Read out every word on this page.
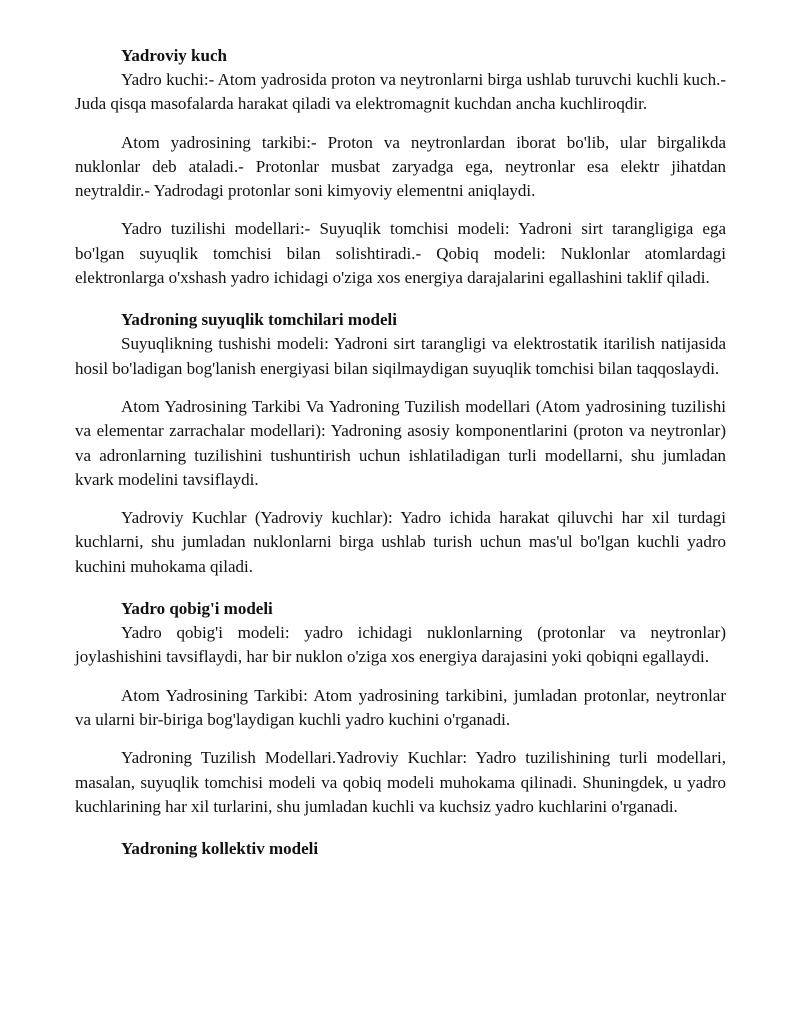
Yadroviy kuch

Yadro kuchi:- Atom yadrosida proton va neytronlarni birga ushlab turuvchi kuchli kuch.- Juda qisqa masofalarda harakat qiladi va elektromagnit kuchdan ancha kuchliroqdir.

Atom yadrosining tarkibi:- Proton va neytronlardan iborat bo'lib, ular birgalikda nuklonlar deb ataladi.- Protonlar musbat zaryadga ega, neytronlar esa elektr jihatdan neytraldir.- Yadrodagi protonlar soni kimyoviy elementni aniqlaydi.

Yadro tuzilishi modellari:- Suyuqlik tomchisi modeli: Yadroni sirt tarangligiga ega bo'lgan suyuqlik tomchisi bilan solishtiradi.- Qobiq modeli: Nuklonlar atomlardagi elektronlarga o'xshash yadro ichidagi o'ziga xos energiya darajalarini egallashini taklif qiladi.

Yadroning suyuqlik tomchilari modeli

Suyuqlikning tushishi modeli: Yadroni sirt tarangligi va elektrostatik itarilish natijasida hosil bo'ladigan bog'lanish energiyasi bilan siqilmaydigan suyuqlik tomchisi bilan taqqoslaydi.

Atom Yadrosining Tarkibi Va Yadroning Tuzilish modellari (Atom yadrosining tuzilishi va elementar zarrachalar modellari): Yadroning asosiy komponentlarini (proton va neytronlar) va adronlarning tuzilishini tushuntirish uchun ishlatiladigan turli modellarni, shu jumladan kvark modelini tavsiflaydi.

Yadroviy Kuchlar (Yadroviy kuchlar): Yadro ichida harakat qiluvchi har xil turdagi kuchlarni, shu jumladan nuklonlarni birga ushlab turish uchun mas'ul bo'lgan kuchli yadro kuchini muhokama qiladi.

Yadro qobig'i modeli

Yadro qobig'i modeli: yadro ichidagi nuklonlarning (protonlar va neytronlar) joylashishini tavsiflaydi, har bir nuklon o'ziga xos energiya darajasini yoki qobiqni egallaydi.

Atom Yadrosining Tarkibi: Atom yadrosining tarkibini, jumladan protonlar, neytronlar va ularni bir-biriga bog'laydigan kuchli yadro kuchini o'rganadi.

Yadroning Tuzilish Modellari.Yadroviy Kuchlar: Yadro tuzilishining turli modellari, masalan, suyuqlik tomchisi modeli va qobiq modeli muhokama qilinadi. Shuningdek, u yadro kuchlarining har xil turlarini, shu jumladan kuchli va kuchsiz yadro kuchlarini o'rganadi.

Yadroning kollektiv modeli
